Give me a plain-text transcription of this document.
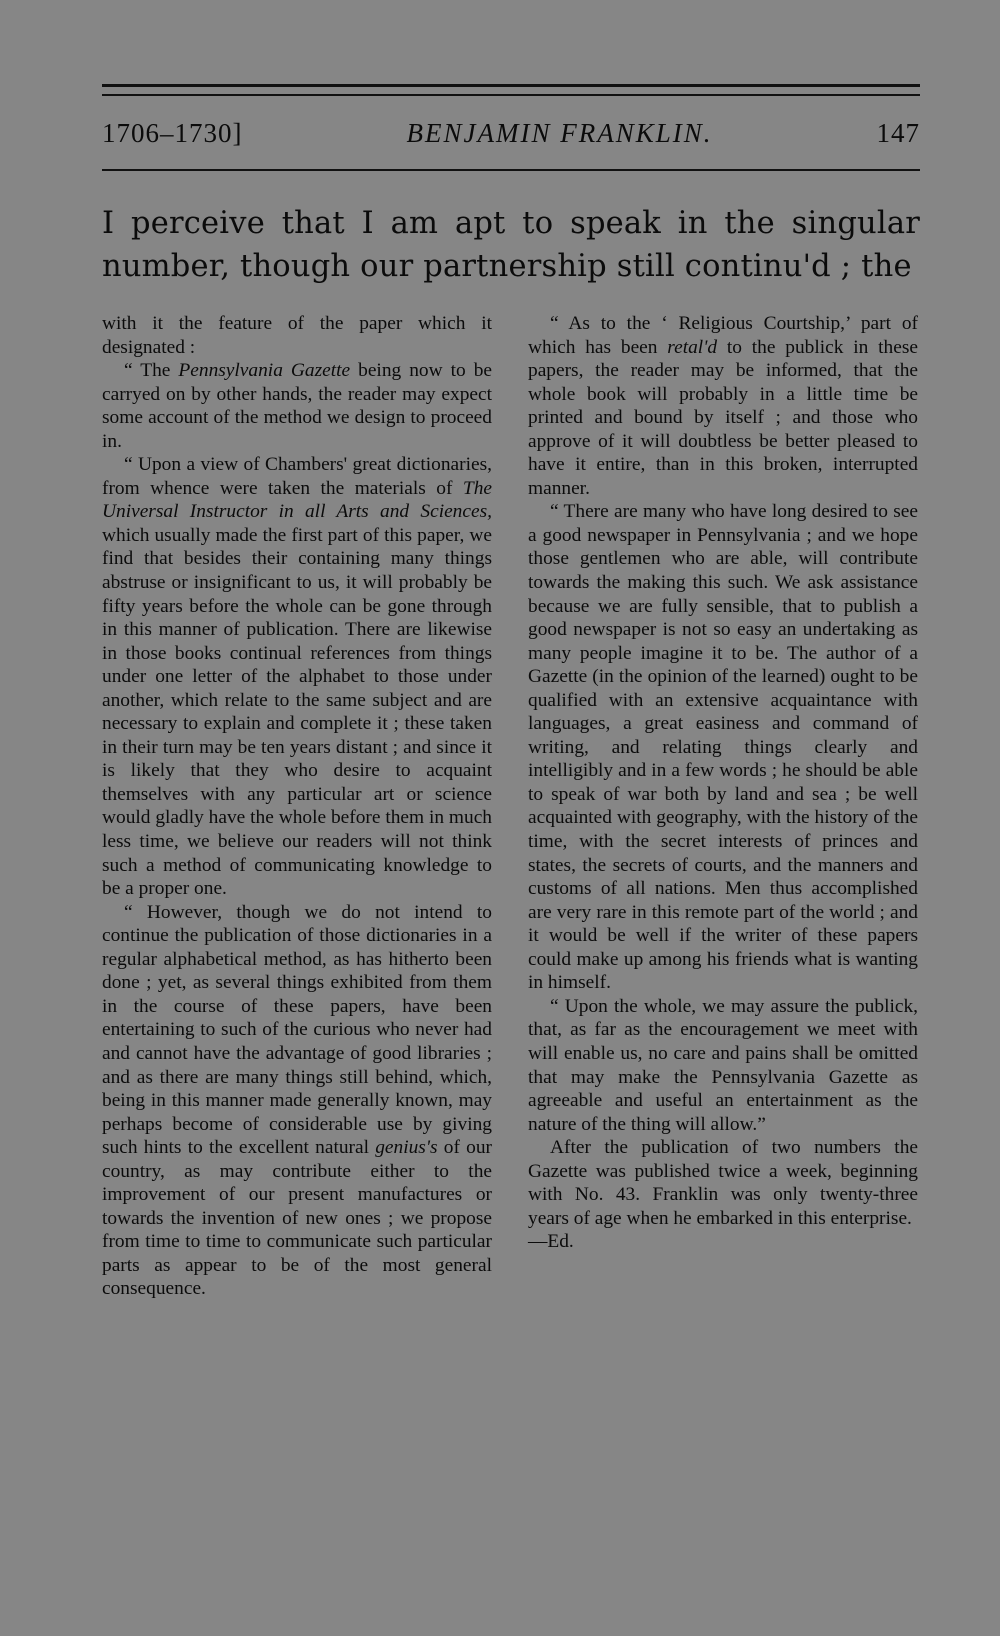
1706–1730]	BENJAMIN FRANKLIN.	147

I perceive that I am apt to speak in the singular number, though our partnership still continu'd ; the

with it the feature of the paper which it designated :

“ The Pennsylvania Gazette being now to be carryed on by other hands, the reader may expect some account of the method we design to proceed in.

“ Upon a view of Chambers' great dictionaries, from whence were taken the materials of The Universal Instructor in all Arts and Sciences, which usually made the first part of this paper, we find that besides their containing many things abstruse or insignificant to us, it will probably be fifty years before the whole can be gone through in this manner of publication. There are likewise in those books continual references from things under one letter of the alphabet to those under another, which relate to the same subject and are necessary to explain and complete it ; these taken in their turn may be ten years distant ; and since it is likely that they who desire to acquaint themselves with any particular art or science would gladly have the whole before them in much less time, we believe our readers will not think such a method of communicating knowledge to be a proper one.

“ However, though we do not intend to continue the publication of those dictionaries in a regular alphabetical method, as has hitherto been done ; yet, as several things exhibited from them in the course of these papers, have been entertaining to such of the curious who never had and cannot have the advantage of good libraries ; and as there are many things still behind, which, being in this manner made generally known, may perhaps become of considerable use by giving such hints to the excellent natural genius's of our country, as may contribute either to the improvement of our present manufactures or towards the invention of new ones ; we propose from time to time to communicate such particular parts as appear to be of the most general consequence.

“ As to the ‘ Religious Courtship,’ part of which has been retal'd to the publick in these papers, the reader may be informed, that the whole book will probably in a little time be printed and bound by itself ; and those who approve of it will doubtless be better pleased to have it entire, than in this broken, interrupted manner.

“ There are many who have long desired to see a good newspaper in Pennsylvania ; and we hope those gentlemen who are able, will contribute towards the making this such. We ask assistance because we are fully sensible, that to publish a good newspaper is not so easy an undertaking as many people imagine it to be. The author of a Gazette (in the opinion of the learned) ought to be qualified with an extensive acquaintance with languages, a great easiness and command of writing, and relating things clearly and intelligibly and in a few words ; he should be able to speak of war both by land and sea ; be well acquainted with geography, with the history of the time, with the secret interests of princes and states, the secrets of courts, and the manners and customs of all nations. Men thus accomplished are very rare in this remote part of the world ; and it would be well if the writer of these papers could make up among his friends what is wanting in himself.

“ Upon the whole, we may assure the publick, that, as far as the encouragement we meet with will enable us, no care and pains shall be omitted that may make the Pennsylvania Gazette as agreeable and useful an entertainment as the nature of the thing will allow.”

After the publication of two numbers the Gazette was published twice a week, beginning with No. 43. Franklin was only twenty-three years of age when he embarked in this enterprise.

—Ed.
